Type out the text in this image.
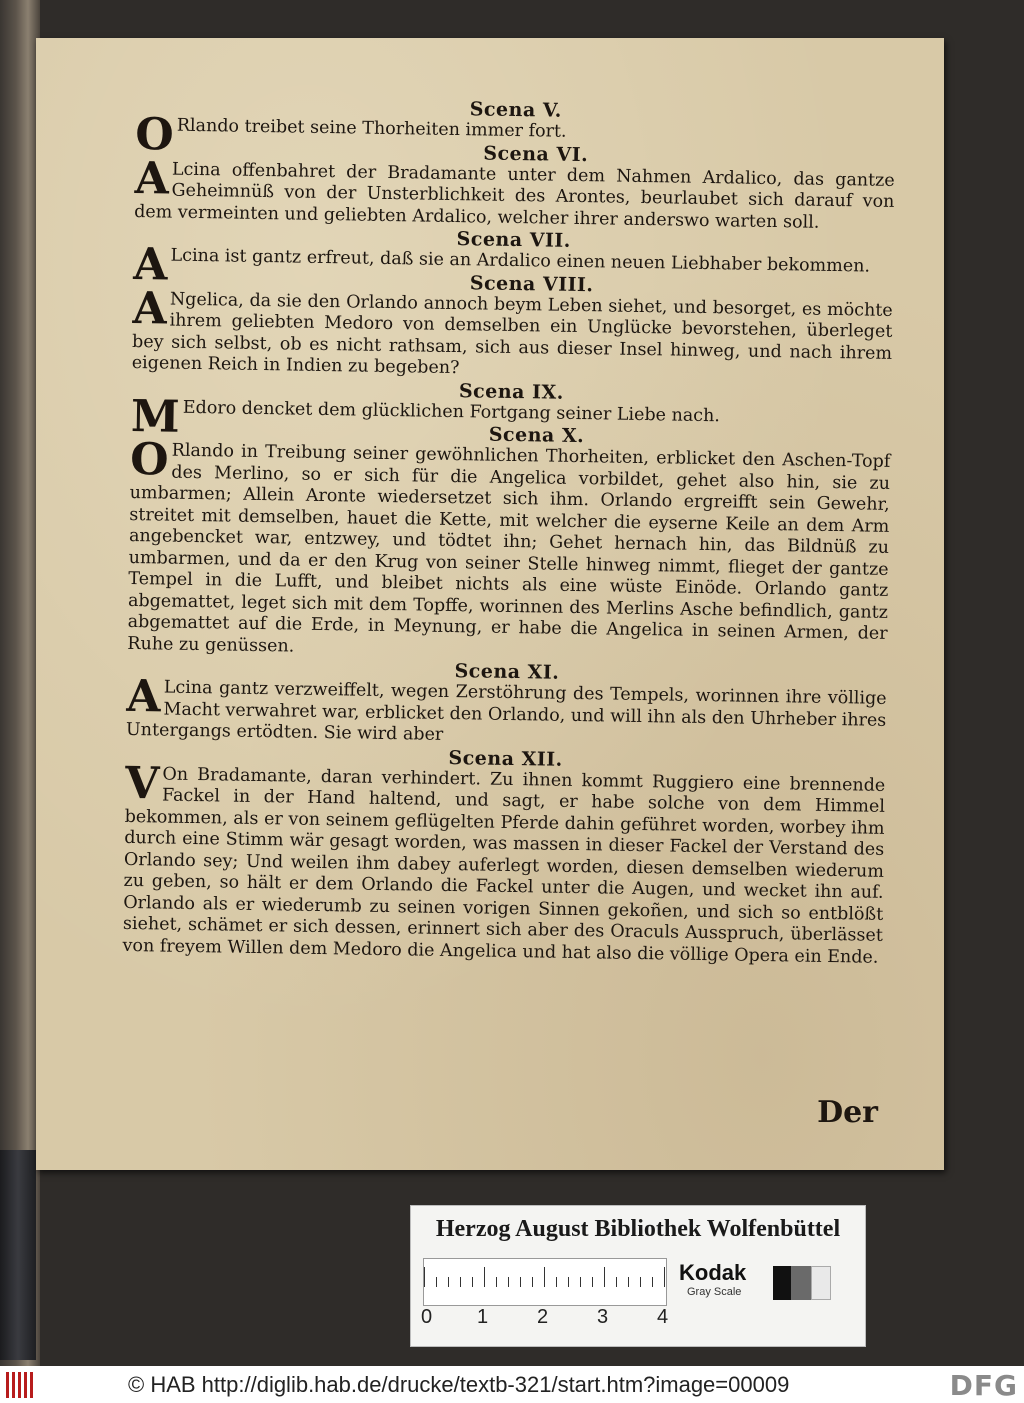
Scena V.

O Rlando treibet seine Thorheiten immer fort.

Scena VI.

A Lcina offenbahret der Bradamante unter dem Nahmen Ardalico, das gantze Geheimnüß von der Unsterblichkeit des Arontes, beurlaubet sich darauf von dem vermeinten und geliebten Ardalico, welcher ihrer anderswo warten soll.

Scena VII.

A Lcina ist gantz erfreut, daß sie an Ardalico einen neuen Liebhaber bekommen.

Scena VIII.

A Ngelica, da sie den Orlando annoch beym Leben siehet, und besorget, es möchte ihrem geliebten Medoro von demselben ein Unglücke bevorstehen, überleget bey sich selbst, ob es nicht rathsam, sich aus dieser Insel hinweg, und nach ihrem eigenen Reich in Indien zu begeben?

Scena IX.

M Edoro dencket dem glücklichen Fortgang seiner Liebe nach.

Scena X.

O Rlando in Treibung seiner gewöhnlichen Thorheiten, erblicket den Aschen-Topf des Merlino, so er sich für die Angelica vorbildet, gehet also hin, sie zu umbarmen; Allein Aronte wiedersetzet sich ihm. Orlando ergreifft sein Gewehr, streitet mit demselben, hauet die Kette, mit welcher die eyserne Keile an dem Arm angebencket war, entzwey, und tödtet ihn; Gehet hernach hin, das Bildnüß zu umbarmen, und da er den Krug von seiner Stelle hinweg nimmt, flieget der gantze Tempel in die Lufft, und bleibet nichts als eine wüste Einöde. Orlando gantz abgemattet, leget sich mit dem Topffe, worinnen des Merlins Asche befindlich, gantz abgemattet auf die Erde, in Meynung, er habe die Angelica in seinen Armen, der Ruhe zu genüssen.

Scena XI.

A Lcina gantz verzweiffelt, wegen Zerstöhrung des Tempels, worinnen ihre völlige Macht verwahret war, erblicket den Orlando, und will ihn als den Uhrheber ihres Untergangs ertödten. Sie wird aber

Scena XII.

V On Bradamante, daran verhindert. Zu ihnen kommt Ruggiero eine brennende Fackel in der Hand haltend, und sagt, er habe solche von dem Himmel bekommen, als er von seinem geflügelten Pferde dahin geführet worden, worbey ihm durch eine Stimm wär gesagt worden, was massen in dieser Fackel der Verstand des Orlando sey; Und weilen ihm dabey auferlegt worden, diesen demselben wiederum zu geben, so hält er dem Orlando die Fackel unter die Augen, und wecket ihn auf. Orlando als er wiederumb zu seinen vorigen Sinnen gekoñen, und sich so entblößt siehet, schämet er sich dessen, erinnert sich aber des Oraculs Ausspruch, überlässet von freyem Willen dem Medoro die Angelica und hat also die völlige Opera ein Ende.

Der
Herzog August Bibliothek Wolfenbüttel
0 1 2 3 4
Kodak
Gray Scale
© HAB http://diglib.hab.de/drucke/textb-321/start.htm?image=00009	DFG
